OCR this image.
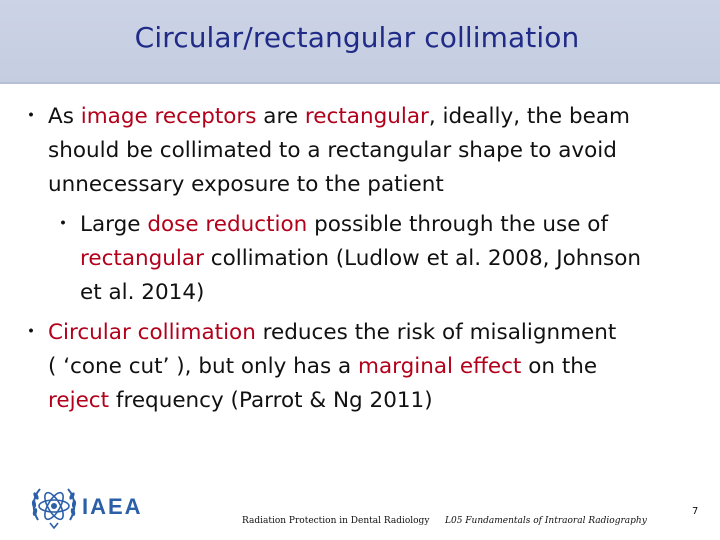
Circular/rectangular collimation
・ As image receptors are rectangular, ideally, the beam
should be collimated to a rectangular shape to avoid
unnecessary exposure to the patient
・ Large dose reduction possible through the use of
rectangular collimation (Ludlow et al. 2008, Johnson
et al. 2014)
・ Circular collimation reduces the risk of misalignment
( ‘cone cut’ ), but only has a marginal effect on the
reject frequency (Parrot & Ng 2011)
IAEA
Radiation Protection in Dental Radiology L05 Fundamentals of Intraoral Radiography
7
